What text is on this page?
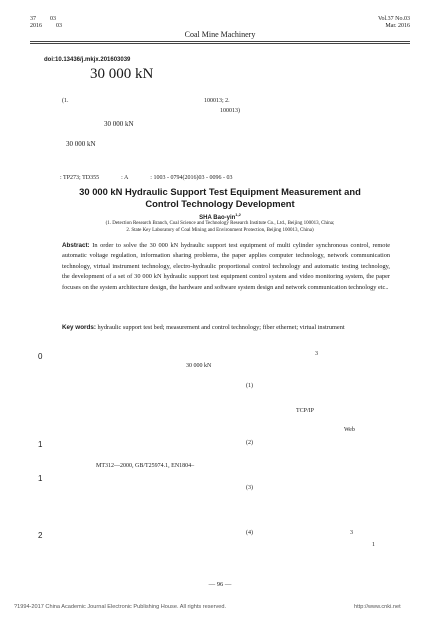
37 03
2016 03
Coal Mine Machinery
Vol.37 No.03
Mar. 2016
doi:10.13436/j.mkjx.201603039
30 000 kN
(1.	100013; 2.
100013)
30 000 kN
30 000 kN
: TP273; TD355	: A	: 1003 - 0794(2016)03 - 0096 - 03
30 000 kN Hydraulic Support Test Equipment Measurement and
Control Technology Development
SHA Bao-yin$^{1,2}$
(1. Detection Research Branch, Coal Science and Technology Research Institute Co., Ltd., Beijing 100013, China;
2. State Key Laboratory of Coal Mining and Environment Protection, Beijing 100013, China)
Abstract: In order to solve the 30 000 kN hydraulic support test equipment of multi cylinder synchronous control, remote automatic voltage regulation, information sharing problems, the paper applies computer technology, network communication technology, virtual instrument technology, electro-hydraulic proportional control technology and automatic testing technology, the development of a set of 30 000 kN hydraulic support test equipment control system and video monitoring system, the paper focuses on the system architecture design, the hardware and software system design and network communication technology etc..
Key words: hydraulic support test bed; measurement and control technology; fiber ethernet; virtual instrument
0	3
30 000 kN
(1)
TCP/IP
Web
1	(2)
MT312—2000, GB/T25974.1, EN1804–
1
(3)
2	(4)	3
1
— 96 —
?1994-2017 China Academic Journal Electronic Publishing House. All rights reserved.	http://www.cnki.net
